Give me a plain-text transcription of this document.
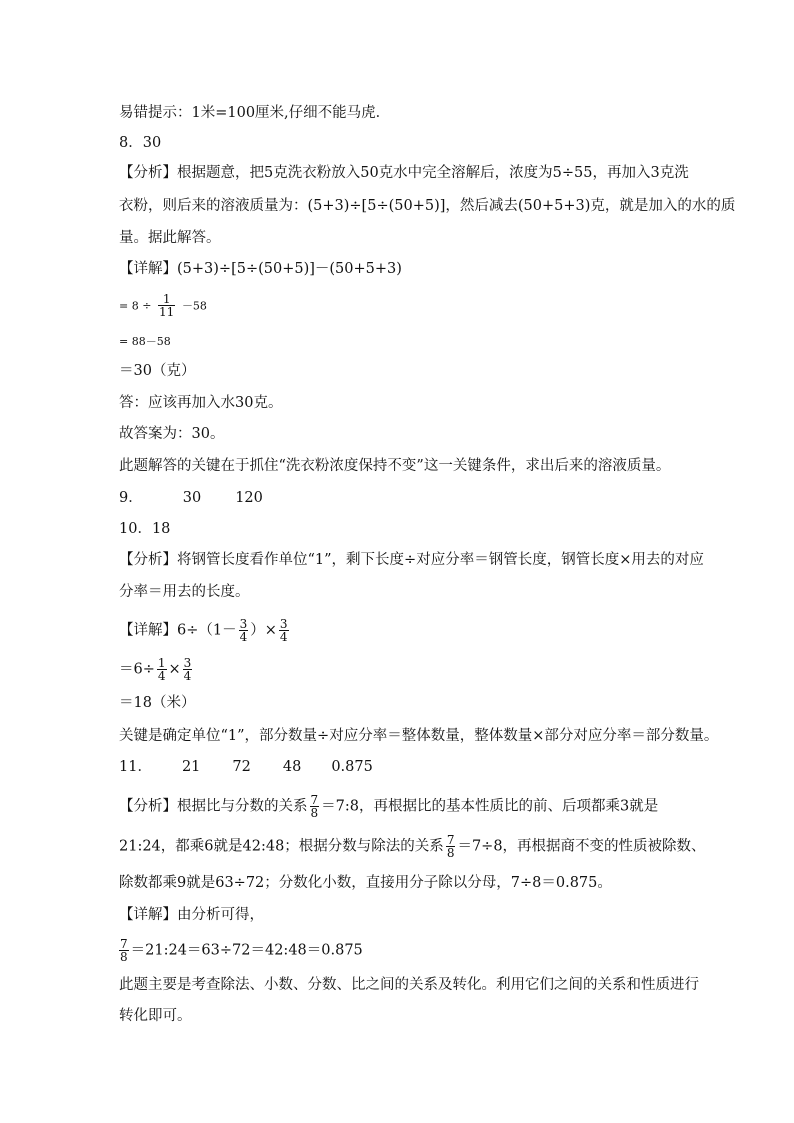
易错提示：1米=100厘米,仔细不能马虎．
8．30
【分析】根据题意，把5克洗衣粉放入50克水中完全溶解后，浓度为5÷55，再加入3克洗
衣粉，则后来的溶液质量为：(5+3)÷[5÷(50+5)]，然后减去(50+5+3)克，就是加入的水的质
量。据此解答。
【详解】(5+3)÷[5÷(50+5)]－(50+5+3)
= $8 \div \frac{1}{11} -58$
= 88－58
＝30（克）
答：应该再加入水30克。
故答案为：30。
此题解答的关键在于抓住“洗衣粉浓度保持不变”这一关键条件，求出后来的溶液质量。
9．	30 120
10．18
【分析】将钢管长度看作单位“1”，剩下长度÷对应分率＝钢管长度，钢管长度×用去的对应
分率＝用去的长度。
【详解】$6\div(1- \frac{3}{4}$ ）× $\frac{3}{4}$
$=6\div \frac{1}{4} \times \frac{3}{4}$
＝18（米）
关键是确定单位“1”，部分数量÷对应分率＝整体数量，整体数量×部分对应分率＝部分数量。
11． 21 72 48 0.875
【分析】根据比与分数的关系 $\frac{7}{8}$ ＝7:8，再根据比的基本性质比的前、后项都乘3就是
21:24，都乘6就是42:48；根据分数与除法的关系 $\frac{7}{8} =7\div 8$，再根据商不变的性质被除数、
除数都乘9就是63÷72；分数化小数，直接用分子除以分母，7÷8＝0.875。
【详解】由分析可得，
$\frac{7}{8}$ ＝21:24＝63÷72＝42:48＝0.875
此题主要是考查除法、小数、分数、比之间的关系及转化。利用它们之间的关系和性质进行
转化即可。
